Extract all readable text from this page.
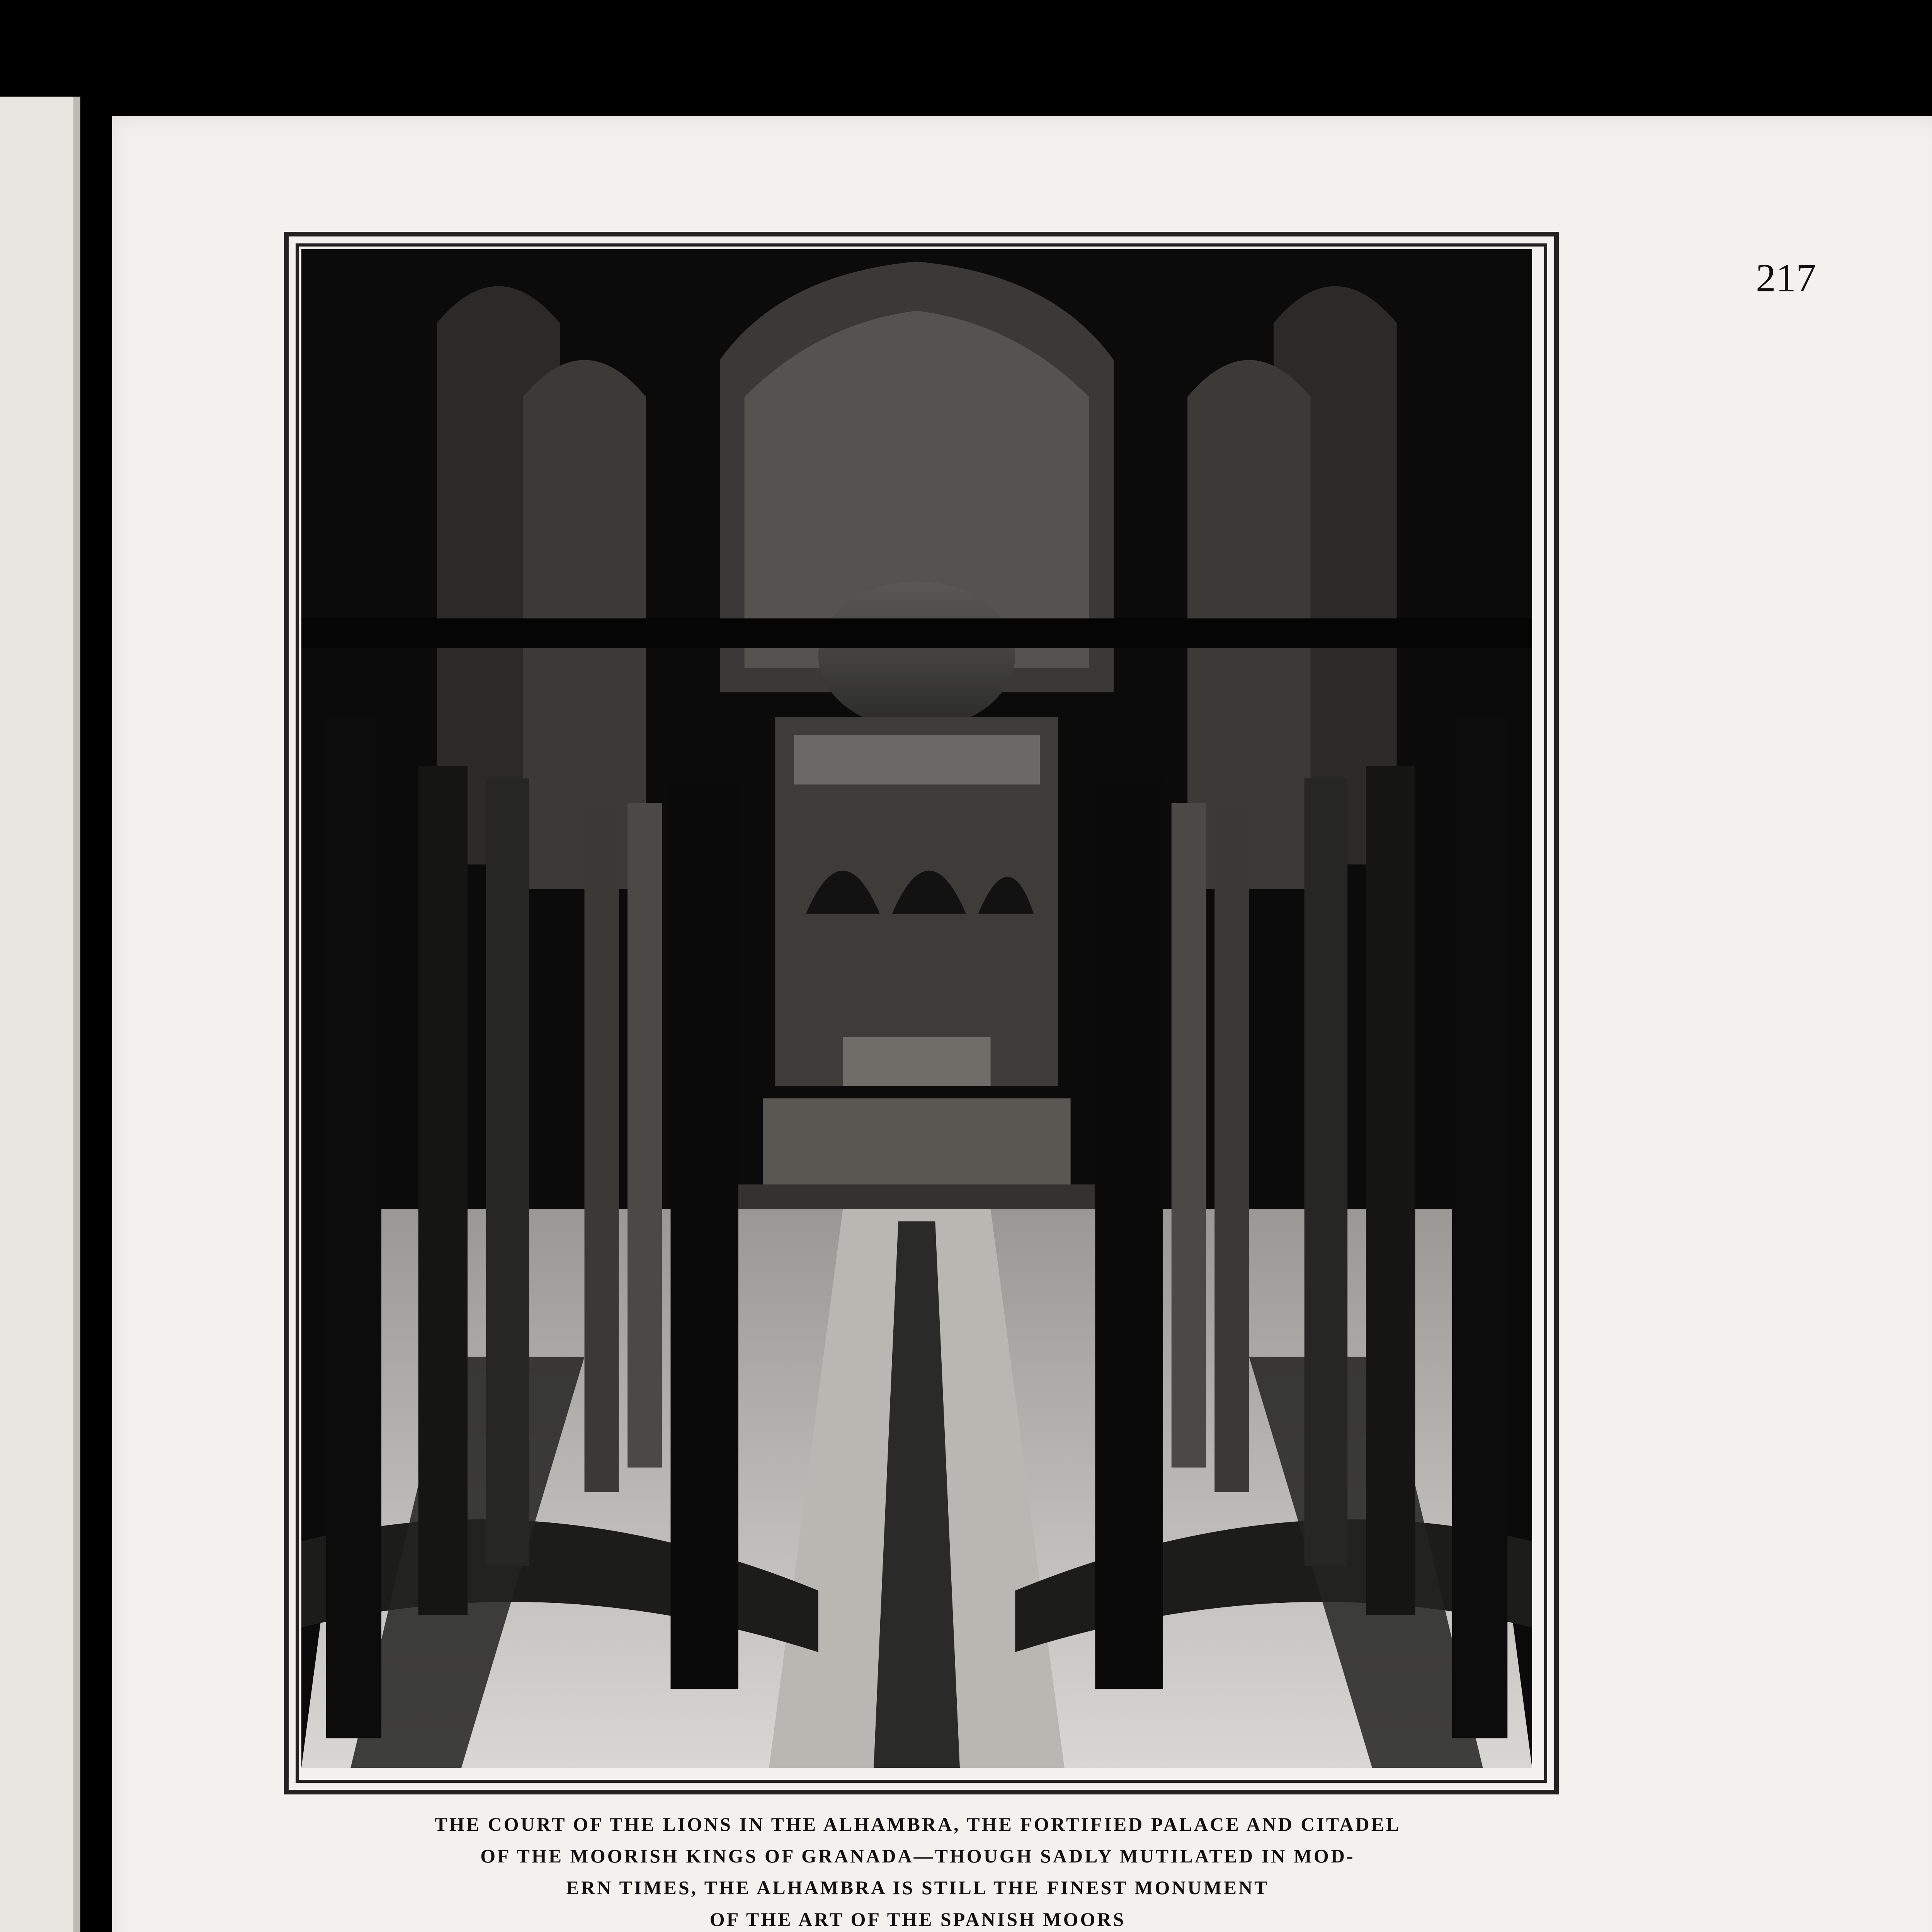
217
THE COURT OF THE LIONS IN THE ALHAMBRA, THE FORTIFIED PALACE AND CITADEL
OF THE MOORISH KINGS OF GRANADA—THOUGH SADLY MUTILATED IN MOD-
ERN TIMES, THE ALHAMBRA IS STILL THE FINEST MONUMENT
OF THE ART OF THE SPANISH MOORS
